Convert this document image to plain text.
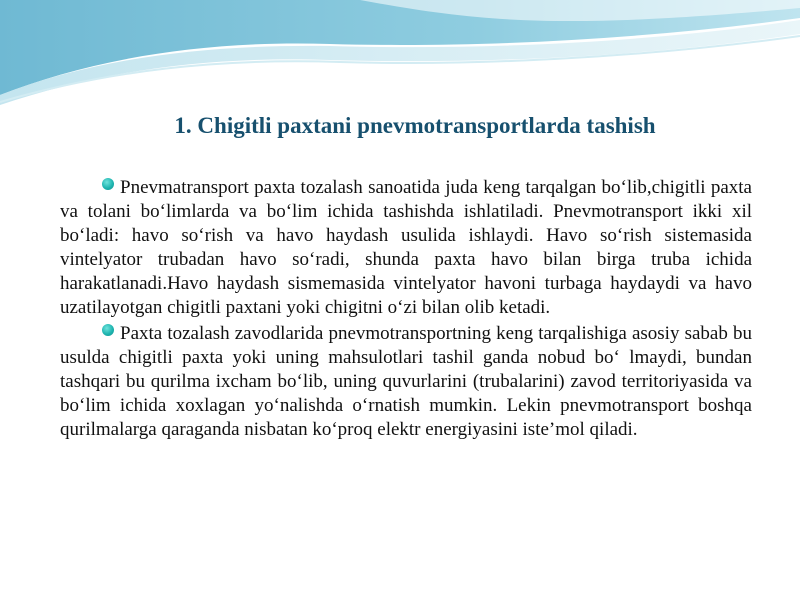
1. Chigitli paxtani pnevmotransportlarda tashish

Pnevmatransport paxta tozalash sanoatida juda keng tarqalgan bo‘lib,chigitli paxta va tolani bo‘limlarda va bo‘lim ichida tashishda ishlatiladi. Pnevmotransport ikki xil bo‘ladi: havo so‘rish va havo haydash usulida ishlaydi. Havo so‘rish sistemasida vintelyator trubadan havo so‘radi, shunda paxta havo bilan birga truba ichida harakatlanadi.Havo haydash sismemasida vintelyator havoni turbaga haydaydi va havo uzatilayotgan chigitli paxtani yoki chigitni o‘zi bilan olib ketadi.

Paxta tozalash zavodlarida pnevmotransportning keng tarqalishiga asosiy sabab bu usulda chigitli paxta yoki uning mahsulotlari tashil ganda nobud bo‘ lmaydi, bundan tashqari bu qurilma ixcham bo‘lib, uning quvurlarini (trubalarini) zavod territoriyasida va bo‘lim ichida xoxlagan yo‘nalishda o‘rnatish mumkin. Lekin pnevmotransport boshqa qurilmalarga qaraganda nisbatan ko‘proq elektr energiyasini iste’mol qiladi.
